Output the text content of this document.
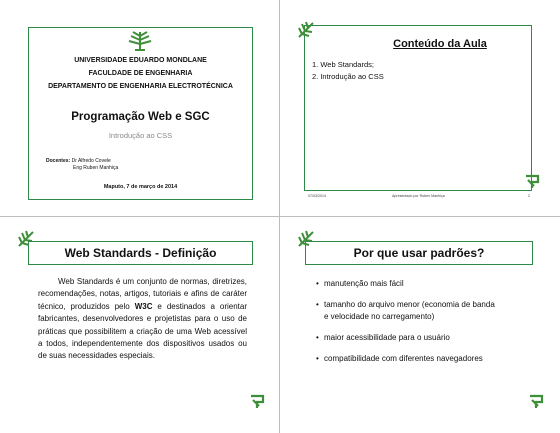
UNIVERSIDADE EDUARDO MONDLANE
FACULDADE DE ENGENHARIA
DEPARTAMENTO DE ENGENHARIA ELECTROTÉCNICA
Programação Web e SGC
Introdução ao CSS
Docentes: Dr Alfredo Covele
Eng Ruben Manhiça
Maputo, 7 de março de 2014
Conteúdo da Aula
1. Web Standards;
2. Introdução ao CSS
07/03/2014	Apresentado por Ruben Manhiça	2
Web Standards - Definição
Web Standards é um conjunto de normas, diretrizes, recomendações, notas, artigos, tutoriais e afins de caráter técnico, produzidos pelo W3C e destinados a orientar fabricantes, desenvolvedores e projetistas para o uso de práticas que possibilitem a criação de uma Web acessível a todos, independentemente dos dispositivos usados ou de suas necessidades especiais.
Por que usar padrões?
• manutenção mais fácil
• tamanho do arquivo menor (economia de banda
e velocidade no carregamento)
• maior acessibilidade para o usuário
• compatibilidade com diferentes navegadores
